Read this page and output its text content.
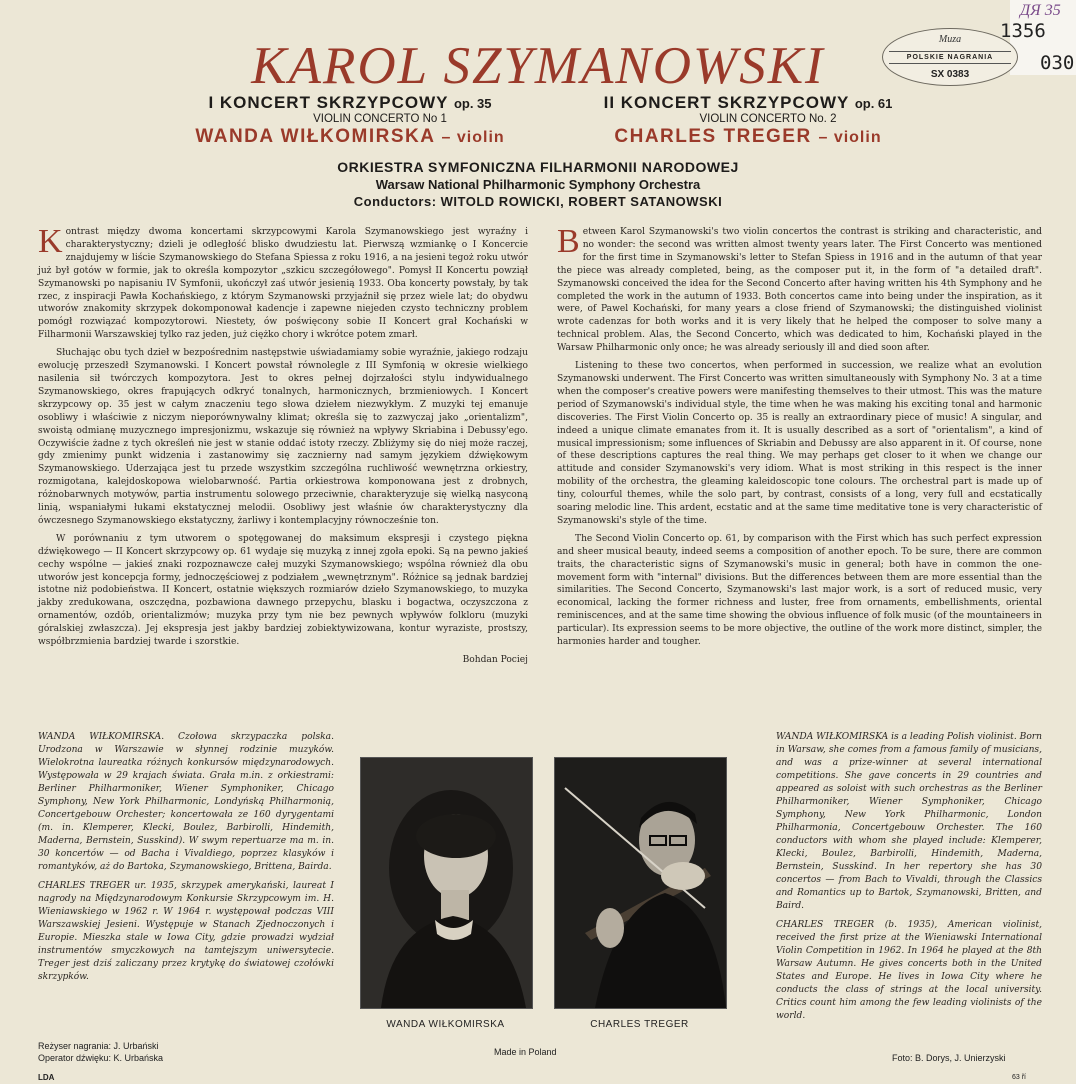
KAROL SZYMANOWSKI	Muza
POLSKIE NAGRANIA
SX 0383
ДЯ 35
1356
030
I KONCERT SKRZYPCOWY op. 35
VIOLIN CONCERTO No 1
WANDA WIŁKOMIRSKA – violin
II KONCERT SKRZYPCOWY op. 61
VIOLIN CONCERTO No. 2
CHARLES TREGER – violin
ORKIESTRA SYMFONICZNA FILHARMONII NARODOWEJ
Warsaw National Philharmonic Symphony Orchestra
Conductors: WITOLD ROWICKI, ROBERT SATANOWSKI

Kontrast między dwoma koncertami skrzypcowymi Karola Szymanowskiego jest wyraźny i charakterystyczny; dzieli je odległość blisko dwudziestu lat. Pierwszą wzmiankę o I Koncercie znajdujemy w liście Szymanowskiego do Stefana Spiessa z roku 1916, a na jesieni tegoż roku utwór już był gotów w formie, jak to określa kompozytor „szkicu szczegółowego". Pomysł II Koncertu powziął Szymanowski po napisaniu IV Symfonii, ukończył zaś utwór jesienią 1933. Oba koncerty powstały, by tak rzec, z inspiracji Pawła Kochańskiego, z którym Szymanowski przyjaźnił się przez wiele lat; do obydwu utworów znakomity skrzypek dokomponował kadencje i zapewne niejeden czysto techniczny problem pomógł rozwiązać kompozytorowi. Niestety, ów poświęcony sobie II Koncert grał Kochański w Filharmonii Warszawskiej tylko raz jeden, już ciężko chory i wkrótce potem zmarł.

Słuchając obu tych dzieł w bezpośrednim następstwie uświadamiamy sobie wyraźnie, jakiego rodzaju ewolucję przeszedł Szymanowski. I Koncert powstał równolegle z III Symfonią w okresie wielkiego nasilenia sił twórczych kompozytora. Jest to okres pełnej dojrzałości stylu indywidualnego Szymanowskiego, okres frapujących odkryć tonalnych, harmonicznych, brzmieniowych. I Koncert skrzypcowy op. 35 jest w całym znaczeniu tego słowa dziełem niezwykłym. Z muzyki tej emanuje osobliwy i właściwie z niczym nieporównywalny klimat; określa się to zazwyczaj jako „orientalizm", swoistą odmianę muzycznego impresjonizmu, wskazuje się również na wpływy Skriabina i Debussy'ego. Oczywiście żadne z tych określeń nie jest w stanie oddać istoty rzeczy. Zbliżymy się do niej może raczej, gdy zmienimy punkt widzenia i zastanowimy się zacznierny nad samym językiem dźwiękowym Szymanowskiego. Uderzająca jest tu przede wszystkim szczególna ruchliwość wewnętrzna orkiestry, rozmigotana, kalejdoskopowa wielobarwność. Partia orkiestrowa komponowana jest z drobnych, różnobarwnych motywów, partia instrumentu solowego przeciwnie, charakteryzuje się wielką nasyconą linią, wspaniałymi łukami ekstatycznej melodii. Osobliwy jest właśnie ów charakterystyczny dla ówczesnego Szymanowskiego ekstatyczny, żarliwy i kontemplacyjny równocześnie ton.

W porównaniu z tym utworem o spotęgowanej do maksimum ekspresji i czystego piękna dźwiękowego — II Koncert skrzypcowy op. 61 wydaje się muzyką z innej zgoła epoki. Są na pewno jakieś cechy wspólne — jakieś znaki rozpoznawcze całej muzyki Szymanowskiego; wspólna również dla obu utworów jest koncepcja formy, jednoczęściowej z podziałem „wewnętrznym". Różnice są jednak bardziej istotne niż podobieństwa. II Koncert, ostatnie większych rozmiarów dzieło Szymanowskiego, to muzyka jakby zredukowana, oszczędna, pozbawiona dawnego przepychu, blasku i bogactwa, oczyszczona z ornamentów, ozdób, orientalizmów; muzyka przy tym nie bez pewnych wpływów folkloru (muzyki góralskiej zwłaszcza). Jej ekspresja jest jakby bardziej zobiektywizowana, kontur wyraziste, prostszy, współbrzmienia bardziej twarde i szorstkie.

Bohdan Pociej

Between Karol Szymanowski's two violin concertos the contrast is striking and characteristic, and no wonder: the second was written almost twenty years later. The First Concerto was mentioned for the first time in Szymanowski's letter to Stefan Spiess in 1916 and in the autumn of that year the piece was already completed, being, as the composer put it, in the form of "a detailed draft". Szymanowski conceived the idea for the Second Concerto after having written his 4th Symphony and he completed the work in the autumn of 1933. Both concertos came into being under the inspiration, as it were, of Pawel Kochański, for many years a close friend of Szymanowski; the distinguished violinist wrote cadenzas for both works and it is very likely that he helped the composer to solve many a technical problem. Alas, the Second Concerto, which was dedicated to him, Kochański played in the Warsaw Philharmonic only once; he was already seriously ill and died soon after.

Listening to these two concertos, when performed in succession, we realize what an evolution Szymanowski underwent. The First Concerto was written simultaneously with Symphony No. 3 at a time when the composer's creative powers were manifesting themselves to their utmost. This was the mature period of Szymanowski's individual style, the time when he was making his exciting tonal and harmonic discoveries. The First Violin Concerto op. 35 is really an extraordinary piece of music! A singular, and indeed a unique climate emanates from it. It is usually described as a sort of "orientalism", a kind of musical impressionism; some influences of Skriabin and Debussy are also apparent in it. Of course, none of these descriptions captures the real thing. We may perhaps get closer to it when we change our attitude and consider Szymanowski's very idiom. What is most striking in this respect is the inner mobility of the orchestra, the gleaming kaleidoscopic tone colours. The orchestral part is made up of tiny, colourful themes, while the solo part, by contrast, consists of a long, very full and ecstatically soaring melodic line. This ardent, ecstatic and at the same time meditative tone is very characteristic of Szymanowski's style of the time.

The Second Violin Concerto op. 61, by comparison with the First which has such perfect expression and sheer musical beauty, indeed seems a composition of another epoch. To be sure, there are common traits, the characteristic signs of Szymanowski's music in general; both have in common the one-movement form with "internal" divisions. But the differences between them are more essential than the similarities. The Second Concerto, Szymanowski's last major work, is a sort of reduced music, very economical, lacking the former richness and luster, free from ornaments, embellishments, oriental reminiscences, and at the same time showing the obvious influence of folk music (of the mountaineers in particular). Its expression seems to be more objective, the outline of the work more distinct, simpler, the harmonies harder and tougher.

WANDA WIŁKOMIRSKA. Czołowa skrzypaczka polska. Urodzona w Warszawie w słynnej rodzinie muzyków. Wielokrotna laureatka różnych konkursów międzynarodowych. Występowała w 29 krajach świata. Grała m.in. z orkiestrami: Berliner Philharmoniker, Wiener Symphoniker, Chicago Symphony, New York Philharmonic, Londyńską Philharmonią, Concertgebouw Orchester; koncertowała ze 160 dyrygentami (m. in. Klemperer, Klecki, Boulez, Barbirolli, Hindemith, Maderna, Bernstein, Susskind). W swym repertuarze ma m. in. 30 koncertów — od Bacha i Vivaldiego, poprzez klasyków i romantyków, aż do Bartoka, Szymanowskiego, Brittena, Bairda.

CHARLES TREGER ur. 1935, skrzypek amerykański, laureat I nagrody na Międzynarodowym Konkursie Skrzypcowym im. H. Wieniawskiego w 1962 r. W 1964 r. występował podczas VIII Warszawskiej Jesieni. Występuje w Stanach Zjednoczonych i Europie. Mieszka stale w Iowa City, gdzie prowadzi wydział instrumentów smyczkowych na tamtejszym uniwersytecie. Treger jest dziś zaliczany przez krytykę do światowej czołówki skrzypków.

WANDA WIŁKOMIRSKA is a leading Polish violinist. Born in Warsaw, she comes from a famous family of musicians, and was a prize-winner at several international competitions. She gave concerts in 29 countries and appeared as soloist with such orchestras as the Berliner Philharmoniker, Wiener Symphoniker, Chicago Symphony, New York Philharmonic, London Philharmonia, Concertgebouw Orchester. The 160 conductors with whom she played include: Klemperer, Klecki, Boulez, Barbirolli, Hindemith, Maderna, Bernstein, Susskind. In her repertory she has 30 concertos — from Bach to Vivaldi, through the Classics and Romantics up to Bartok, Szymanowski, Britten, and Baird.

CHARLES TREGER (b. 1935), American violinist, received the first prize at the Wieniawski International Violin Competition in 1962. In 1964 he played at the 8th Warsaw Autumn. He gives concerts both in the United States and Europe. He lives in Iowa City where he conducts the class of strings at the local university. Critics count him among the few leading violinists of the world.

WANDA WIŁKOMIRSKA	CHARLES TREGER
Reżyser nagrania: J. Urbański
Operator dźwięku: K. Urbańska
Made in Poland
Foto: B. Dorys, J. Unierzyski
LDA	63 ří
